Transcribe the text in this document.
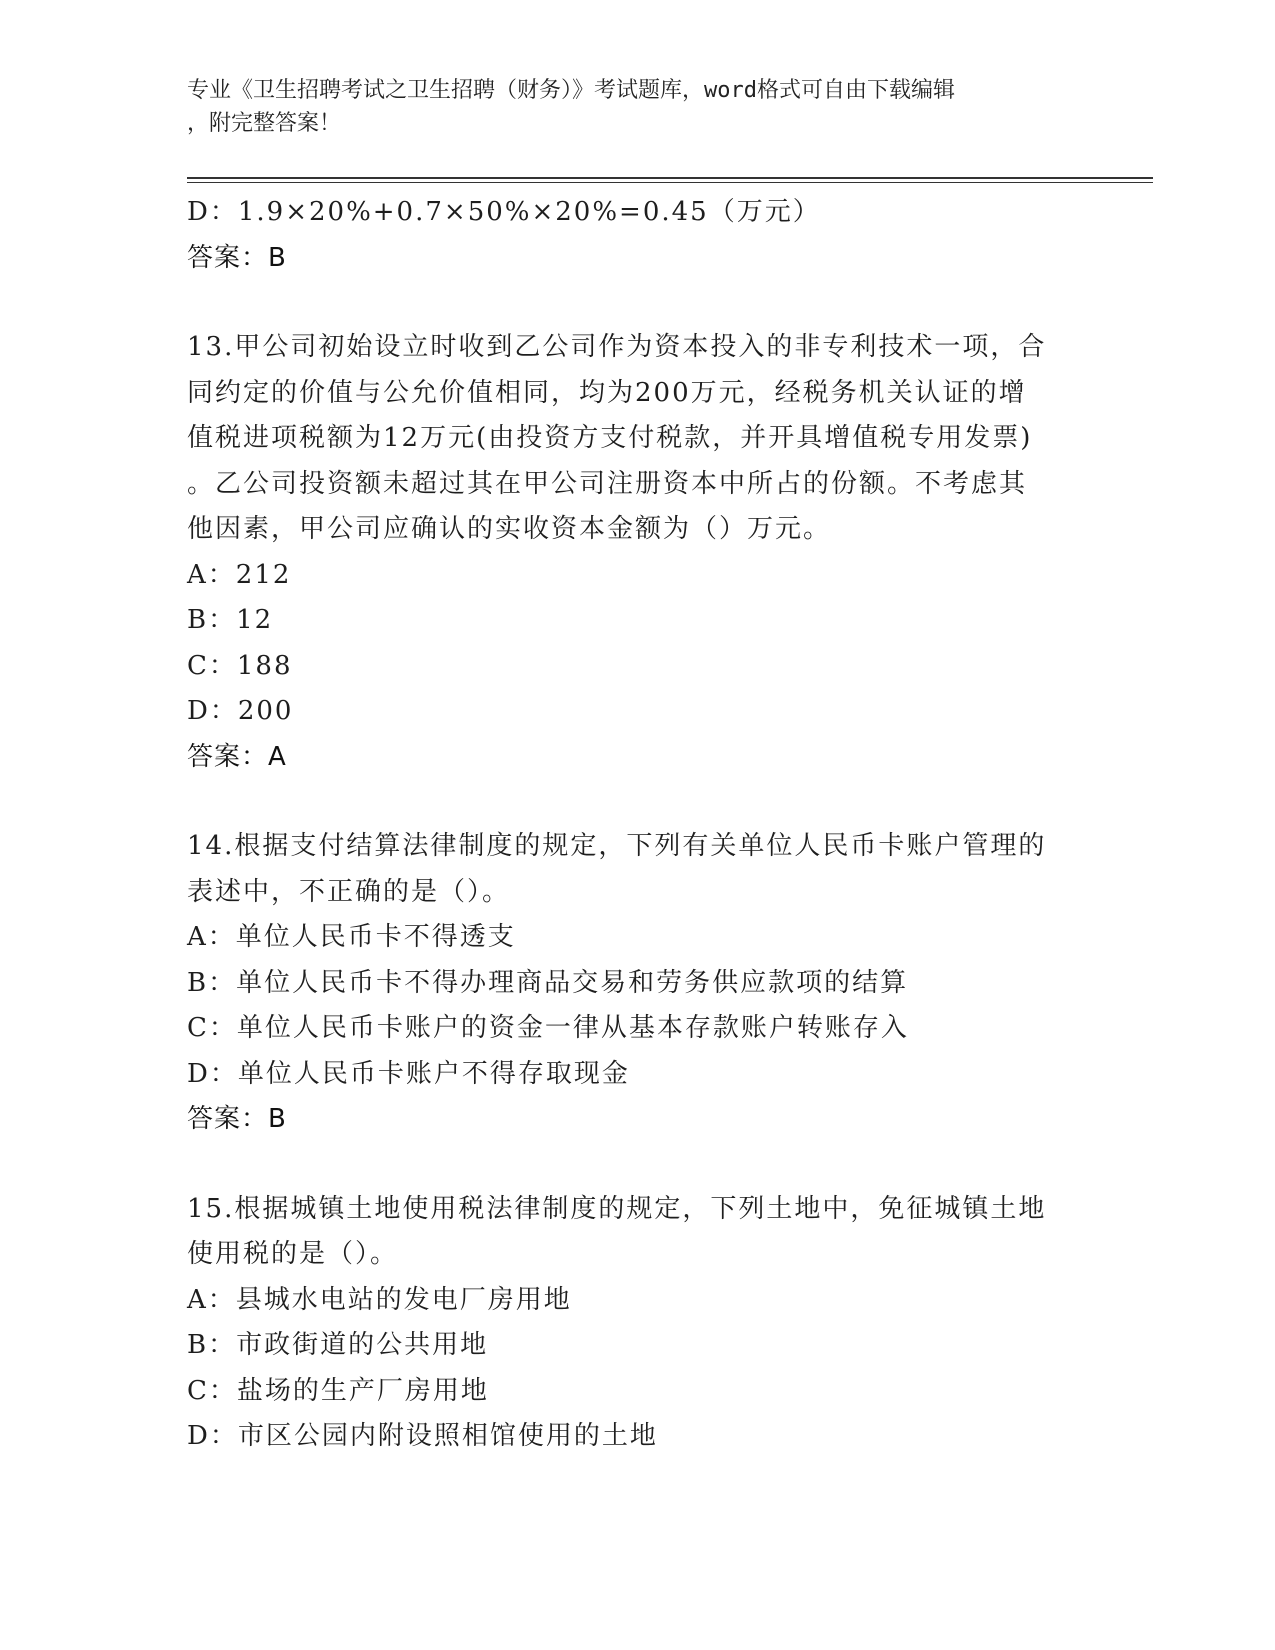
专业《卫生招聘考试之卫生招聘（财务）》考试题库，word格式可自由下载编辑
，附完整答案！
D：1.9×20%+0.7×50%×20%=0.45（万元）
答案：B
13.甲公司初始设立时收到乙公司作为资本投入的非专利技术一项，合
同约定的价值与公允价值相同，均为200万元，经税务机关认证的增
值税进项税额为12万元(由投资方支付税款，并开具增值税专用发票)
。乙公司投资额未超过其在甲公司注册资本中所占的份额。不考虑其
他因素，甲公司应确认的实收资本金额为（）万元。
A：212
B：12
C：188
D：200
答案：A
14.根据支付结算法律制度的规定，下列有关单位人民币卡账户管理的
表述中，不正确的是（）。
A：单位人民币卡不得透支
B：单位人民币卡不得办理商品交易和劳务供应款项的结算
C：单位人民币卡账户的资金一律从基本存款账户转账存入
D：单位人民币卡账户不得存取现金
答案：B
15.根据城镇土地使用税法律制度的规定，下列土地中，免征城镇土地
使用税的是（）。
A：县城水电站的发电厂房用地
B：市政街道的公共用地
C：盐场的生产厂房用地
D：市区公园内附设照相馆使用的土地
